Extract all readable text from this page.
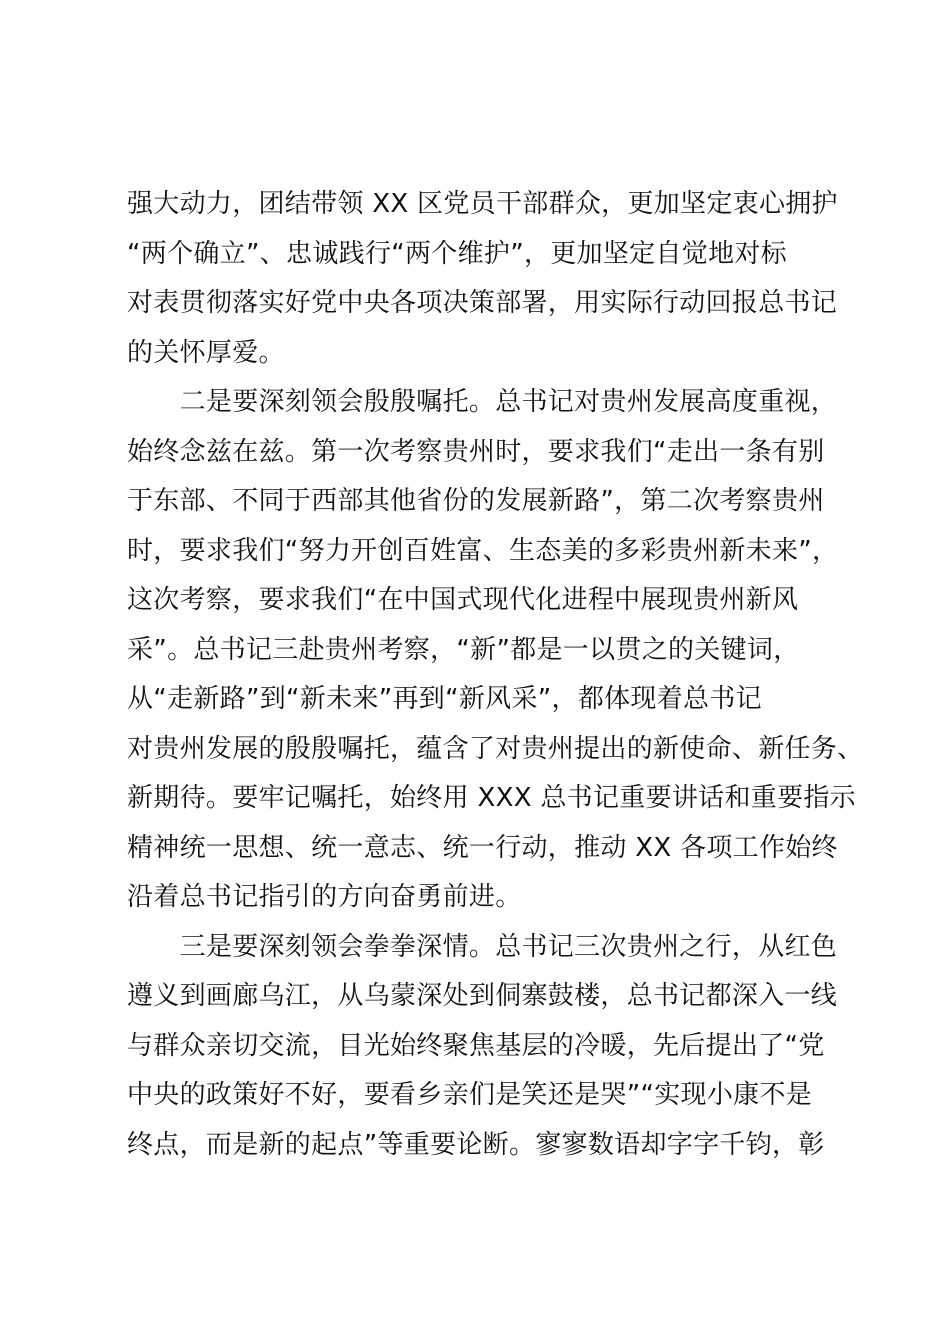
强大动力，团结带领 XX 区党员干部群众，更加坚定衷心拥护
“两个确立”、忠诚践行“两个维护”，更加坚定自觉地对标
对表贯彻落实好党中央各项决策部署，用实际行动回报总书记
的关怀厚爱。
　　二是要深刻领会殷殷嘱托。总书记对贵州发展高度重视，
始终念兹在兹。第一次考察贵州时，要求我们“走出一条有别
于东部、不同于西部其他省份的发展新路”，第二次考察贵州
时，要求我们“努力开创百姓富、生态美的多彩贵州新未来”，
这次考察，要求我们“在中国式现代化进程中展现贵州新风
采”。总书记三赴贵州考察，“新”都是一以贯之的关键词，
从“走新路”到“新未来”再到“新风采”，都体现着总书记
对贵州发展的殷殷嘱托，蕴含了对贵州提出的新使命、新任务、
新期待。要牢记嘱托，始终用 XXX 总书记重要讲话和重要指示
精神统一思想、统一意志、统一行动，推动 XX 各项工作始终
沿着总书记指引的方向奋勇前进。
　　三是要深刻领会拳拳深情。总书记三次贵州之行，从红色
遵义到画廊乌江，从乌蒙深处到侗寨鼓楼，总书记都深入一线
与群众亲切交流，目光始终聚焦基层的冷暖，先后提出了“党
中央的政策好不好，要看乡亲们是笑还是哭”“实现小康不是
终点，而是新的起点”等重要论断。寥寥数语却字字千钧，彰
